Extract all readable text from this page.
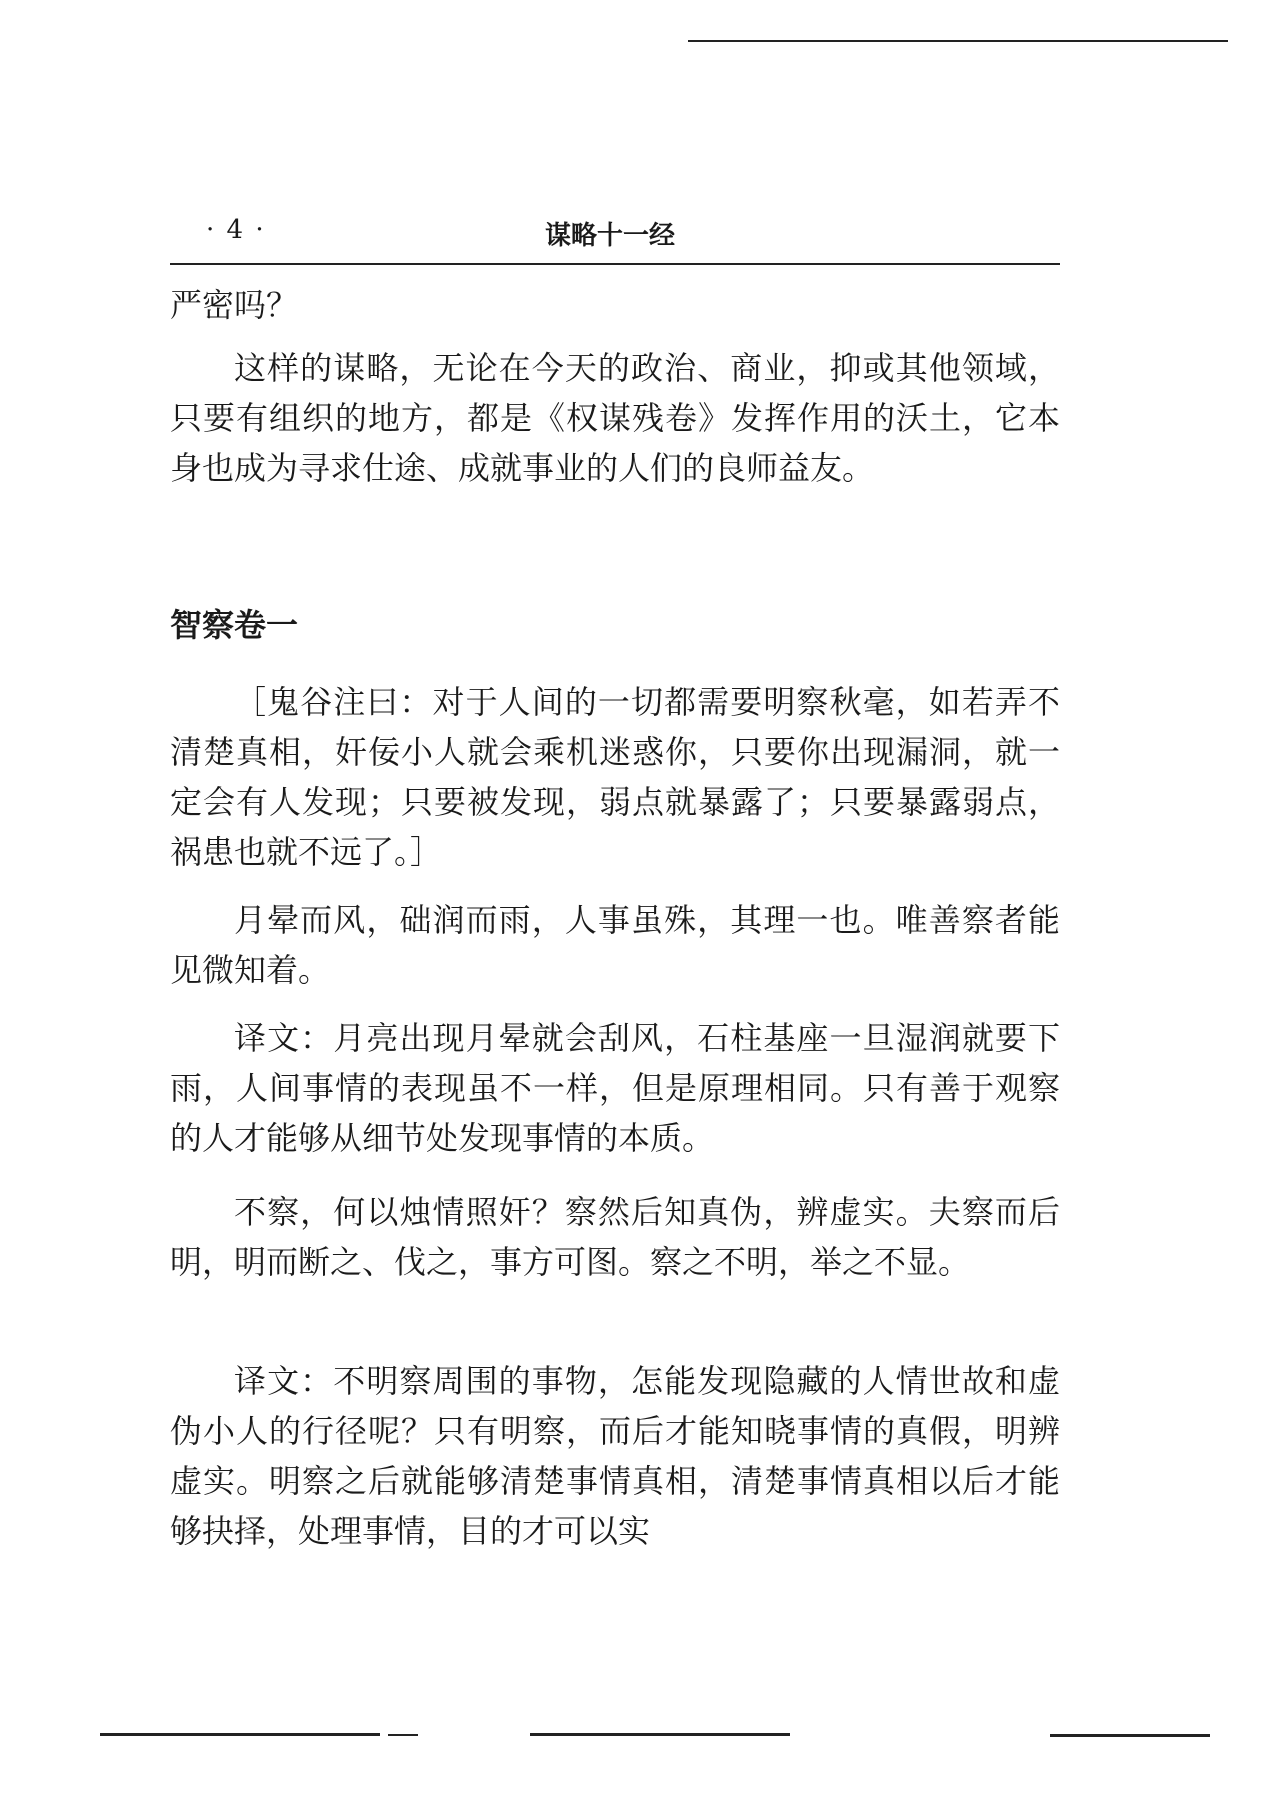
· 4 ·	谋略十一经

严密吗？

这样的谋略，无论在今天的政治、商业，抑或其他领域，只要有组织的地方，都是《权谋残卷》发挥作用的沃土，它本身也成为寻求仕途、成就事业的人们的良师益友。

智察卷一

［鬼谷注曰：对于人间的一切都需要明察秋毫，如若弄不清楚真相，奸佞小人就会乘机迷惑你，只要你出现漏洞，就一定会有人发现；只要被发现，弱点就暴露了；只要暴露弱点，祸患也就不远了。］

月晕而风，础润而雨，人事虽殊，其理一也。唯善察者能见微知着。

译文：月亮出现月晕就会刮风，石柱基座一旦湿润就要下雨，人间事情的表现虽不一样，但是原理相同。只有善于观察的人才能够从细节处发现事情的本质。

不察，何以烛情照奸？察然后知真伪，辨虚实。夫察而后明，明而断之、伐之，事方可图。察之不明，举之不显。

译文：不明察周围的事物，怎能发现隐藏的人情世故和虚伪小人的行径呢？只有明察，而后才能知晓事情的真假，明辨虚实。明察之后就能够清楚事情真相，清楚事情真相以后才能够抉择，处理事情，目的才可以实
